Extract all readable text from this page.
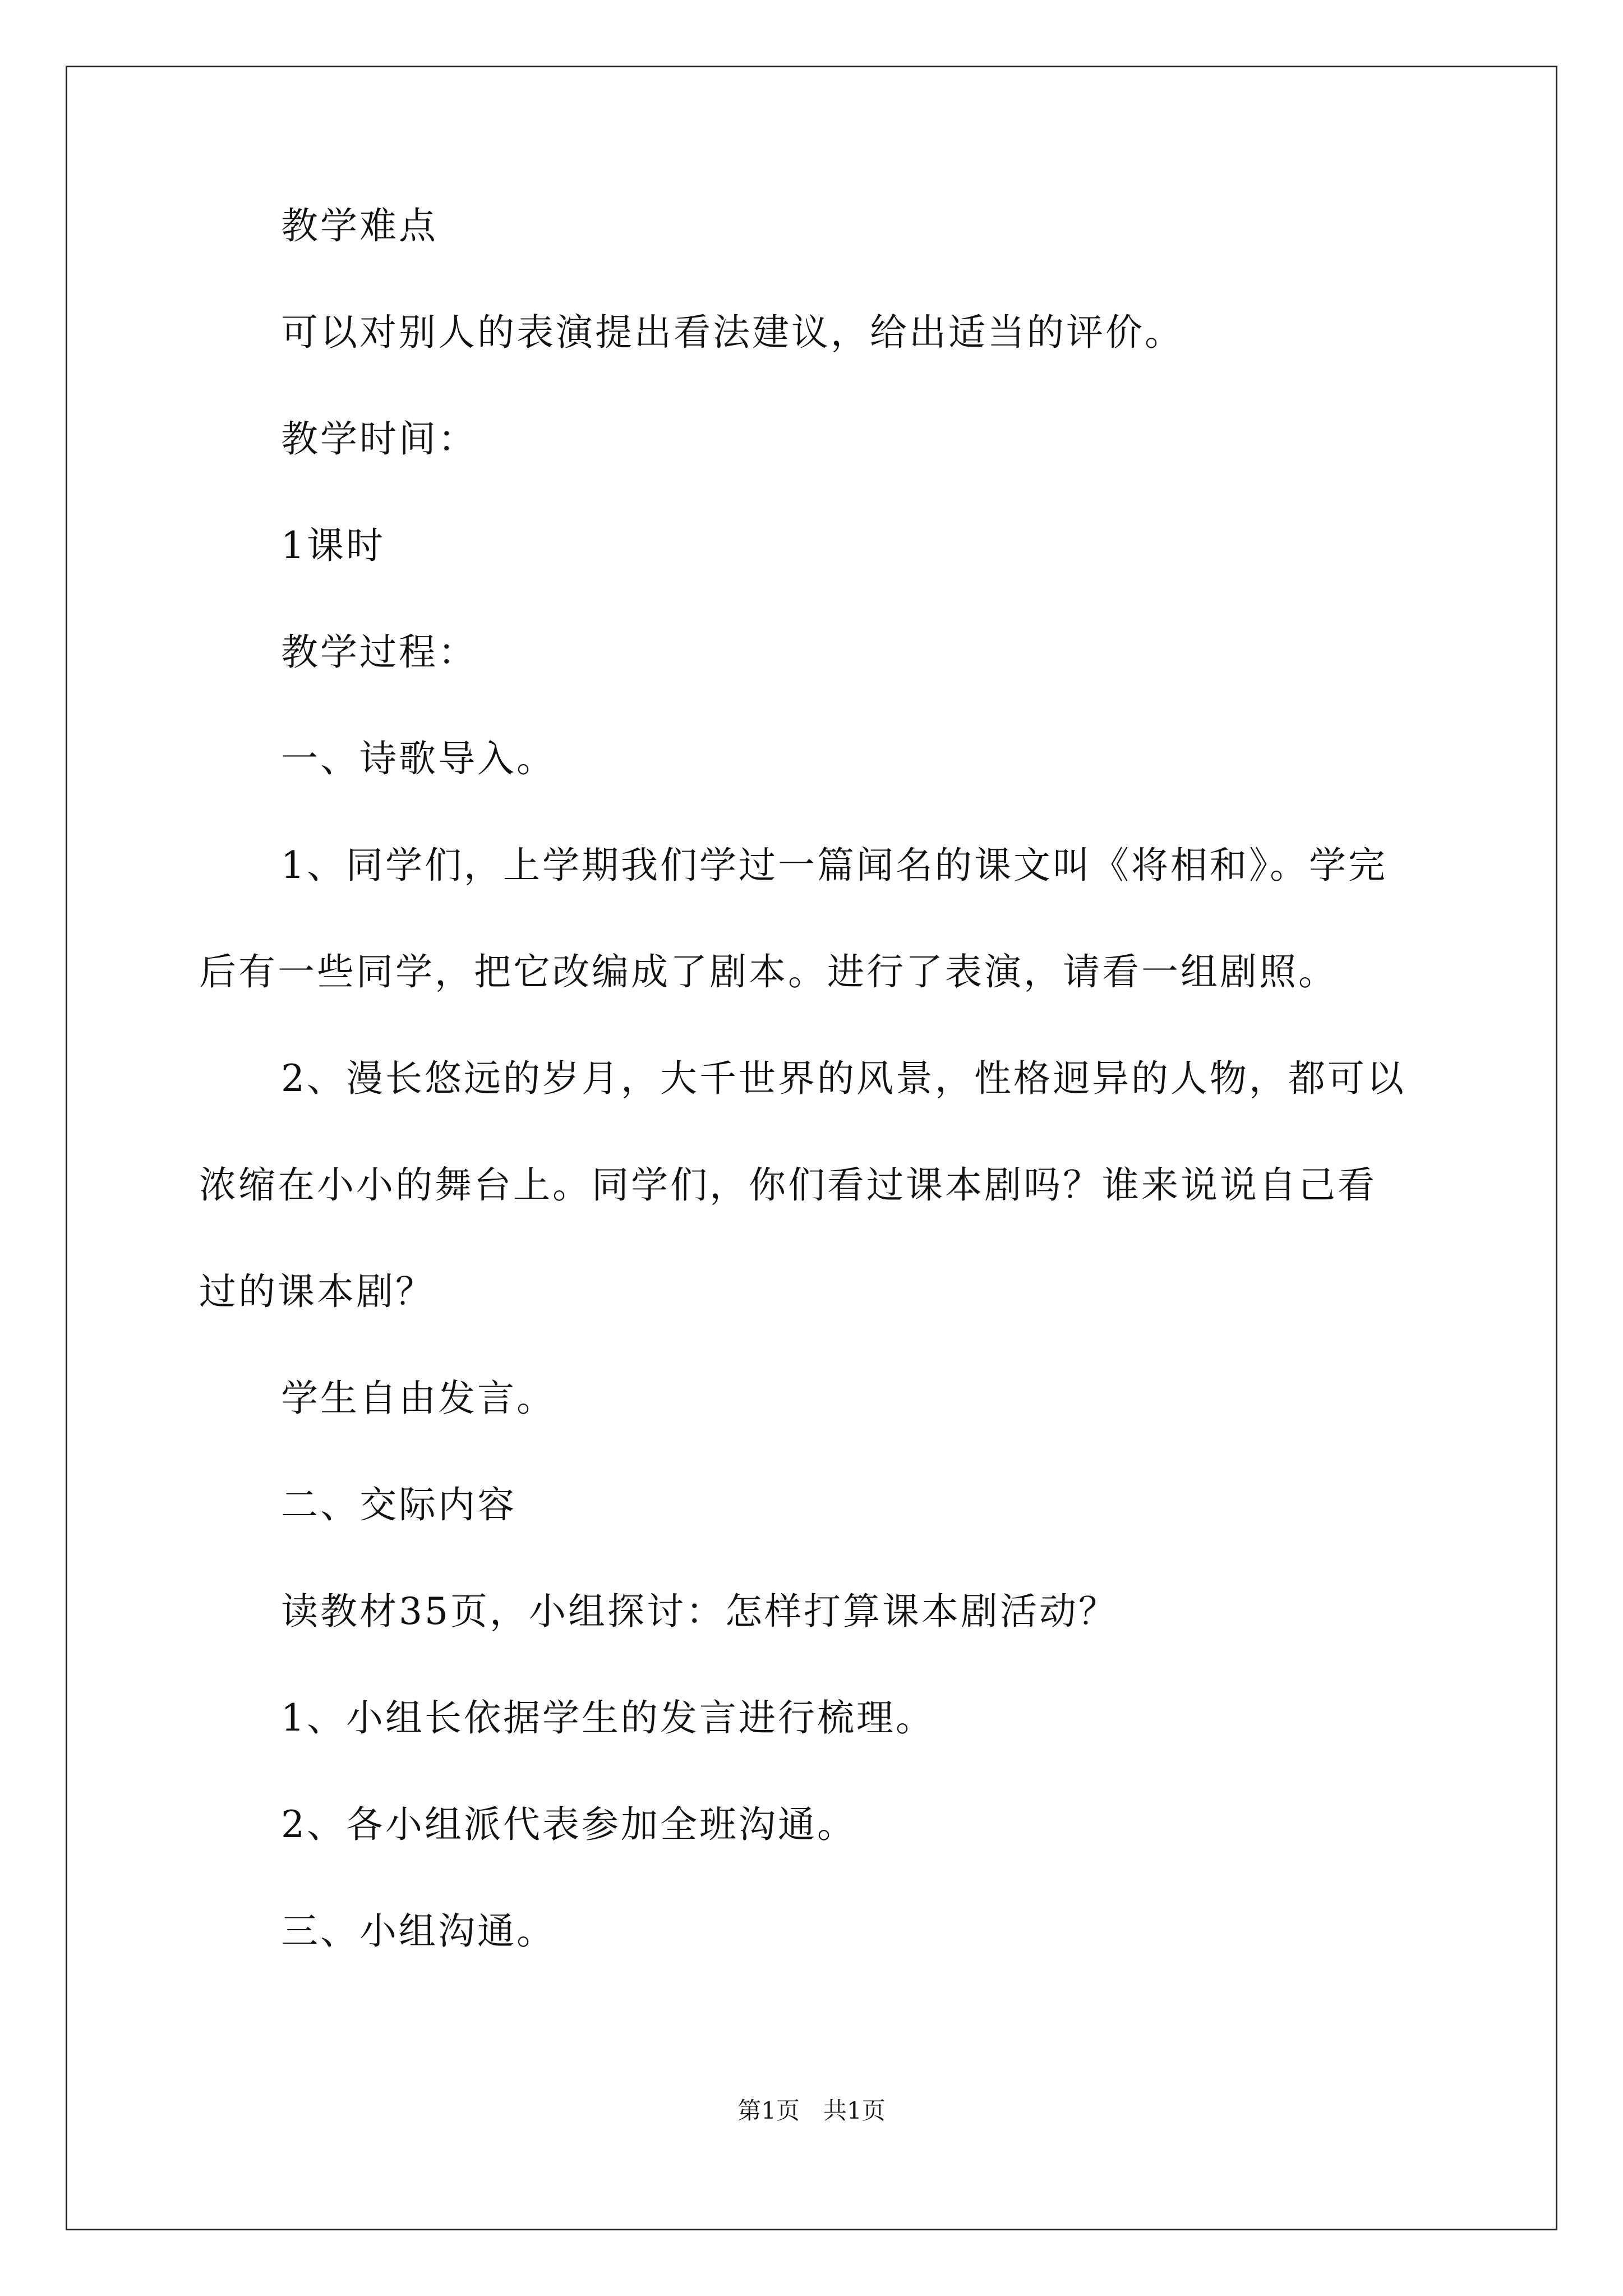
教学难点
可以对别人的表演提出看法建议，给出适当的评价。
教学时间：
1课时
教学过程：
一、诗歌导入。
1、同学们，上学期我们学过一篇闻名的课文叫《将相和》。学完
后有一些同学，把它改编成了剧本。进行了表演，请看一组剧照。
2、漫长悠远的岁月，大千世界的风景，性格迥异的人物，都可以
浓缩在小小的舞台上。同学们，你们看过课本剧吗？谁来说说自己看
过的课本剧？
学生自由发言。
二、交际内容
读教材35页，小组探讨：怎样打算课本剧活动？
1、小组长依据学生的发言进行梳理。
2、各小组派代表参加全班沟通。
三、小组沟通。
第1页　共1页
